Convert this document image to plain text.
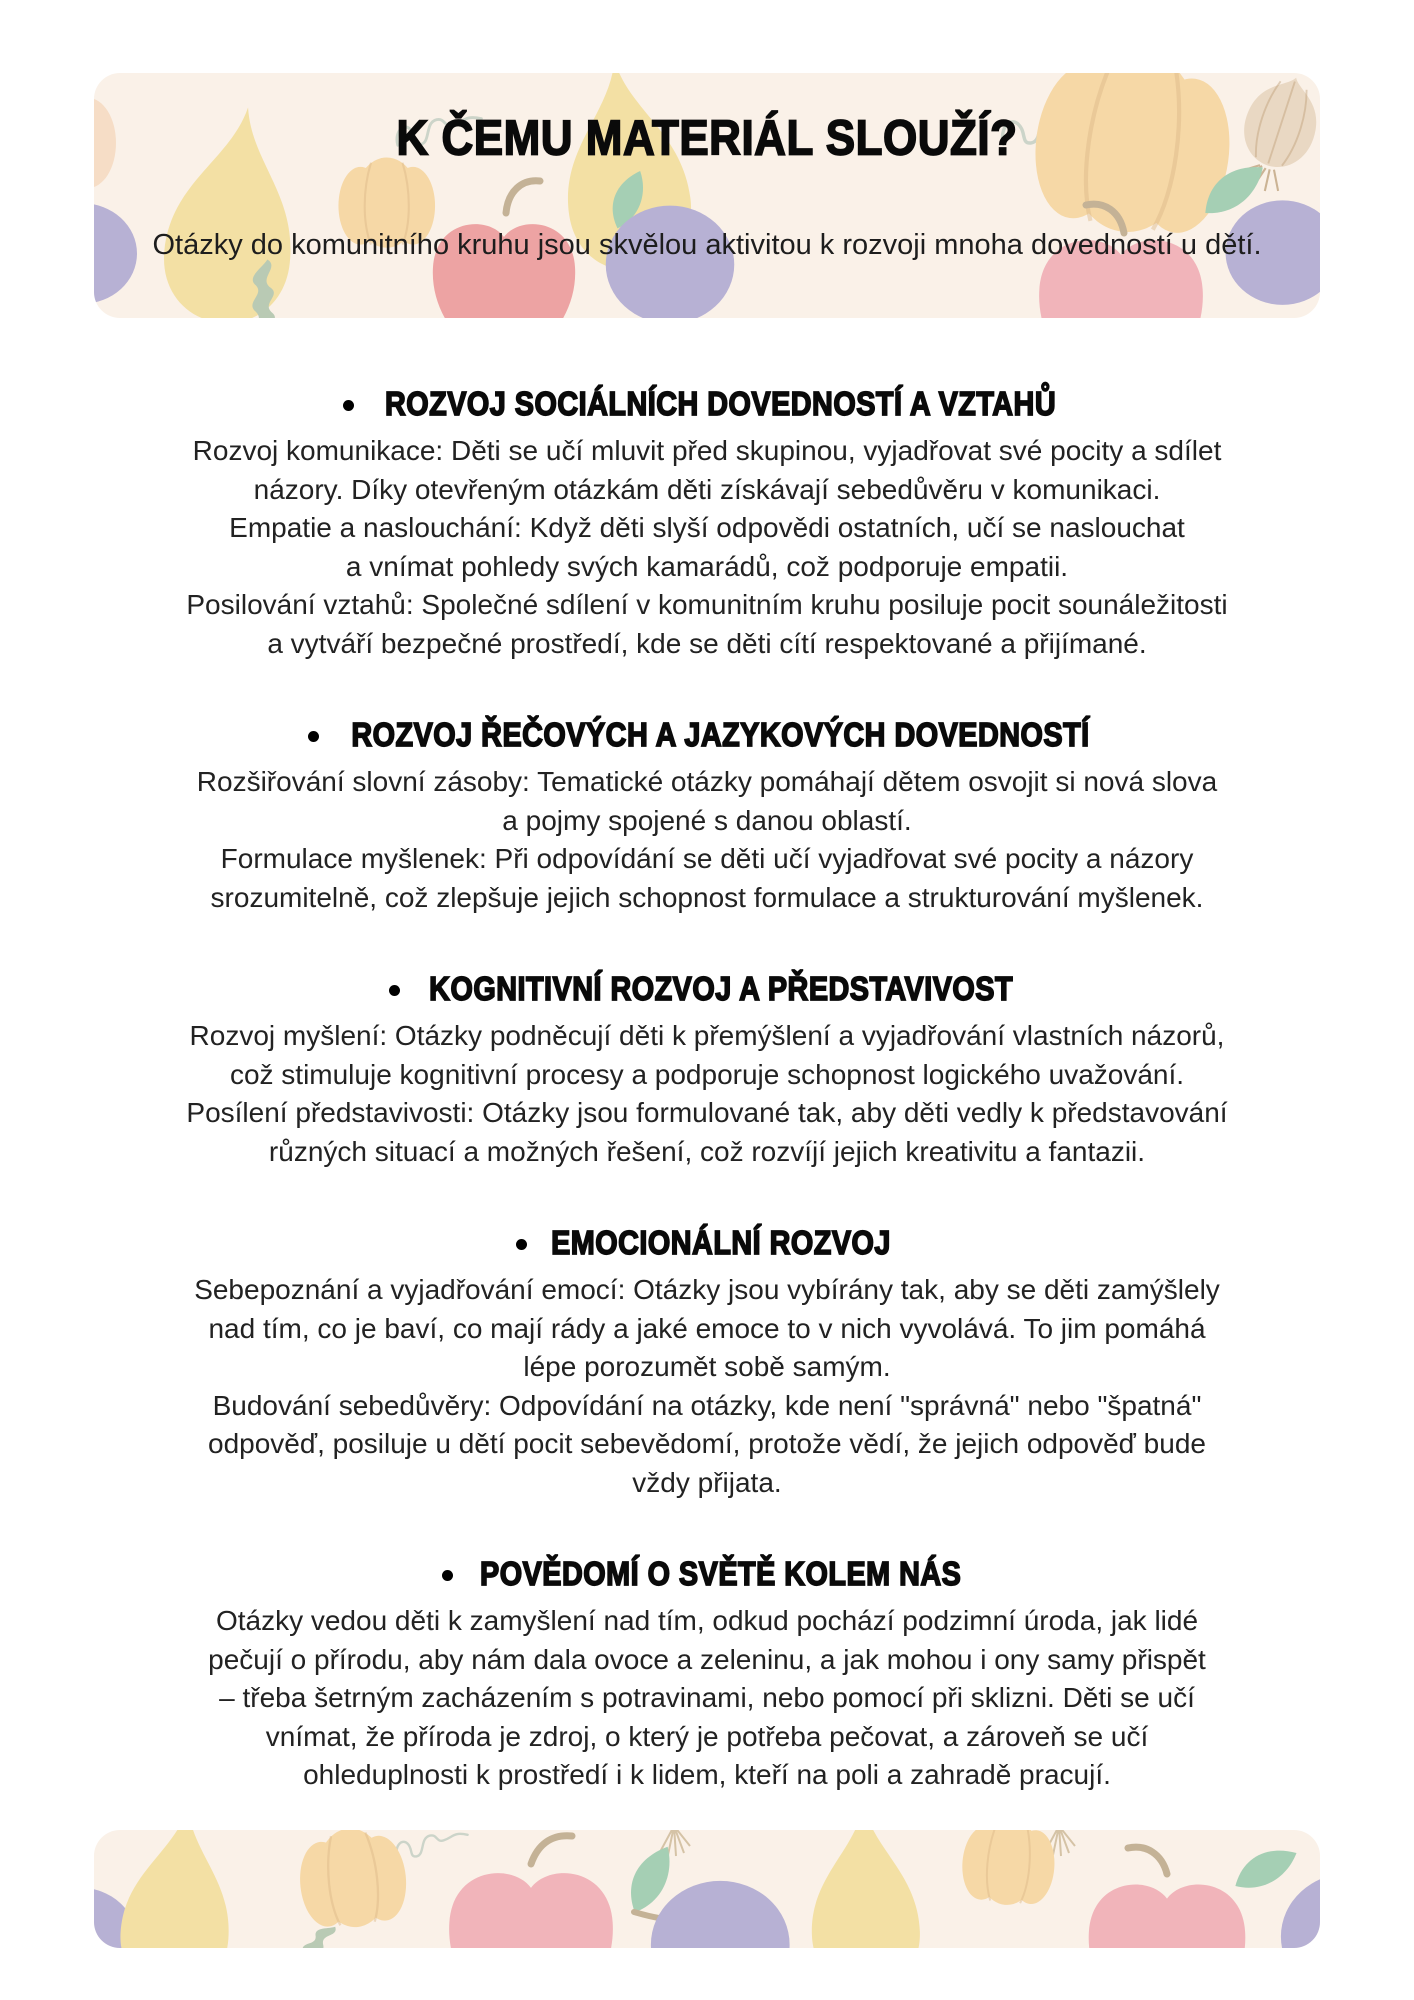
K ČEMU MATERIÁL SLOUŽÍ?

Otázky do komunitního kruhu jsou skvělou aktivitou k rozvoji mnoha dovedností u dětí.

ROZVOJ SOCIÁLNÍCH DOVEDNOSTÍ A VZTAHŮ
Rozvoj komunikace: Děti se učí mluvit před skupinou, vyjadřovat své pocity a sdílet
názory. Díky otevřeným otázkám děti získávají sebedůvěru v komunikaci.
Empatie a naslouchání: Když děti slyší odpovědi ostatních, učí se naslouchat
a vnímat pohledy svých kamarádů, což podporuje empatii.
Posilování vztahů: Společné sdílení v komunitním kruhu posiluje pocit sounáležitosti
a vytváří bezpečné prostředí, kde se děti cítí respektované a přijímané.
ROZVOJ ŘEČOVÝCH A JAZYKOVÝCH DOVEDNOSTÍ
Rozšiřování slovní zásoby: Tematické otázky pomáhají dětem osvojit si nová slova
a pojmy spojené s danou oblastí.
Formulace myšlenek: Při odpovídání se děti učí vyjadřovat své pocity a názory
srozumitelně, což zlepšuje jejich schopnost formulace a strukturování myšlenek.
KOGNITIVNÍ ROZVOJ A PŘEDSTAVIVOST
Rozvoj myšlení: Otázky podněcují děti k přemýšlení a vyjadřování vlastních názorů,
což stimuluje kognitivní procesy a podporuje schopnost logického uvažování.
Posílení představivosti: Otázky jsou formulované tak, aby děti vedly k představování
různých situací a možných řešení, což rozvíjí jejich kreativitu a fantazii.
EMOCIONÁLNÍ ROZVOJ
Sebepoznání a vyjadřování emocí: Otázky jsou vybírány tak, aby se děti zamýšlely
nad tím, co je baví, co mají rády a jaké emoce to v nich vyvolává. To jim pomáhá
lépe porozumět sobě samým.
Budování sebedůvěry: Odpovídání na otázky, kde není "správná" nebo "špatná"
odpověď, posiluje u dětí pocit sebevědomí, protože vědí, že jejich odpověď bude
vždy přijata.
POVĚDOMÍ O SVĚTĚ KOLEM NÁS
Otázky vedou děti k zamyšlení nad tím, odkud pochází podzimní úroda, jak lidé
pečují o přírodu, aby nám dala ovoce a zeleninu, a jak mohou i ony samy přispět
– třeba šetrným zacházením s potravinami, nebo pomocí při sklizni. Děti se učí
vnímat, že příroda je zdroj, o který je potřeba pečovat, a zároveň se učí
ohleduplnosti k prostředí i k lidem, kteří na poli a zahradě pracují.
